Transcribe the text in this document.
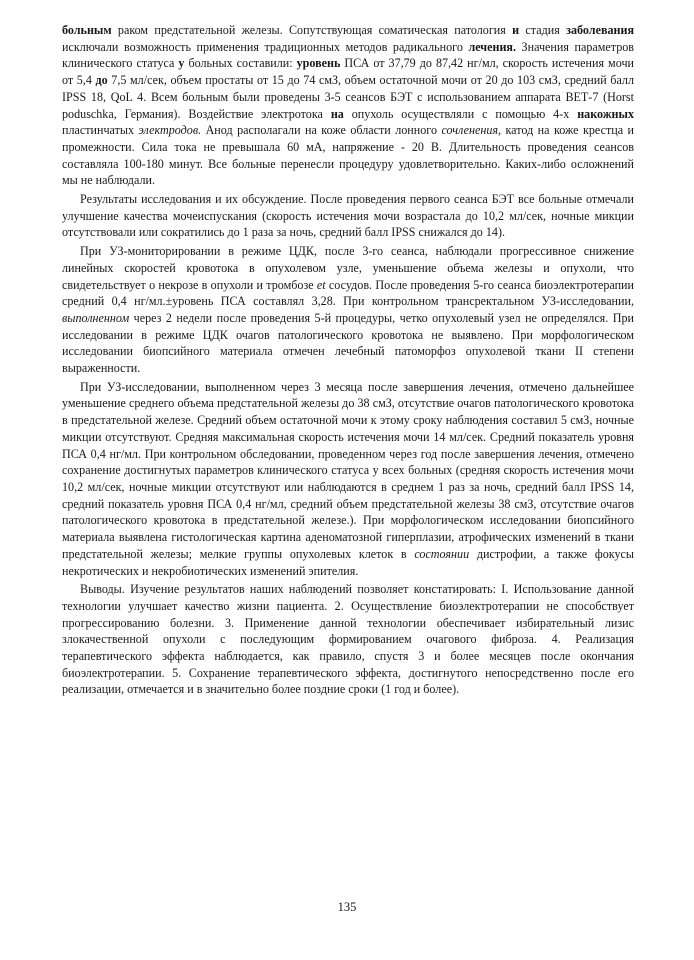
больным раком предстательной железы. Сопутствующая соматическая патология и стадия заболевания исключали возможность применения традиционных методов радикального лечения. Значения параметров клинического статуса у больных составили: уровень ПСА от 37,79 до 87,42 нг/мл, скорость истечения мочи от 5,4 до 7,5 мл/сек, объем простаты от 15 до 74 смЗ, объем остаточной мочи от 20 до 103 смЗ, средний балл IPSS 18, QoL 4. Всем больным были проведены 3-5 сеансов БЭТ с использованием аппарата ВЕТ-7 (Horst poduschka, Германия). Воздействие электротока на опухоль осуществляли с помощью 4-х накожных пластинчатых электродов. Анод располагали на коже области лонного сочленения, катод на коже крестца и промежности. Сила тока не превышала 60 мА, напряжение - 20 В. Длительность проведения сеансов составляла 100-180 минут. Все больные перенесли процедуру удовлетворительно. Каких-либо осложнений мы не наблюдали.

Результаты исследования и их обсуждение. После проведения первого сеанса БЭТ все больные отмечали улучшение качества мочеиспускания (скорость истечения мочи возрастала до 10,2 мл/сек, ночные микции отсутствовали или сократились до 1 раза за ночь, средний балл IPSS снижался до 14).

При УЗ-мониторировании в режиме ЦДК, после 3-го сеанса, наблюдали прогрессивное снижение линейных скоростей кровотока в опухолевом узле, уменьшение объема железы и опухоли, что свидетельствует о некрозе в опухоли и тромбозе et сосудов. После проведения 5-го сеанса биоэлектротерапии средний 0,4 нг/мл.±уровень ПСА составлял 3,28. При контрольном трансректальном УЗ-исследовании, выполненном через 2 недели после проведения 5-й процедуры, четко опухолевый узел не определялся. При исследовании в режиме ЦДК очагов патологического кровотока не выявлено. При морфологическом исследовании биопсийного материала отмечен лечебный патоморфоз опухолевой ткани II степени выраженности.

При УЗ-исследовании, выполненном через 3 месяца после завершения лечения, отмечено дальнейшее уменьшение среднего объема предстательной железы до 38 смЗ, отсутствие очагов патологического кровотока в предстательной железе. Средний объем остаточной мочи к этому сроку наблюдения составил 5 смЗ, ночные микции отсутствуют. Средняя максимальная скорость истечения мочи 14 мл/сек. Средний показатель уровня ПСА 0,4 нг/мл. При контрольном обследовании, проведенном через год после завершения лечения, отмечено сохранение достигнутых параметров клинического статуса у всех больных (средняя скорость истечения мочи 10,2 мл/сек, ночные микции отсутствуют или наблюдаются в среднем 1 раз за ночь, средний балл IPSS 14, средний показатель уровня ПСА 0,4 нг/мл, средний объем предстательной железы 38 смЗ, отсутствие очагов патологического кровотока в предстательной железе.). При морфологическом исследовании биопсийного материала выявлена гистологическая картина аденоматозной гиперплазии, атрофических изменений в ткани предстательной железы; мелкие группы опухолевых клеток в состоянии дистрофии, а также фокусы некротических и некробиотических изменений эпителия.

Выводы. Изучение результатов наших наблюдений позволяет констатировать: I. Использование данной технологии улучшает качество жизни пациента. 2. Осуществление биоэлектротерапии не способствует прогрессированию болезни. 3. Применение данной технологии обеспечивает избирательный лизис злокачественной опухоли с последующим формированием очагового фиброза. 4. Реализация терапевтического эффекта наблюдается, как правило, спустя 3 и более месяцев после окончания биоэлектротерапии. 5. Сохранение терапевтического эффекта, достигнутого непосредственно после его реализации, отмечается и в значительно более поздние сроки (1 год и более).

135
